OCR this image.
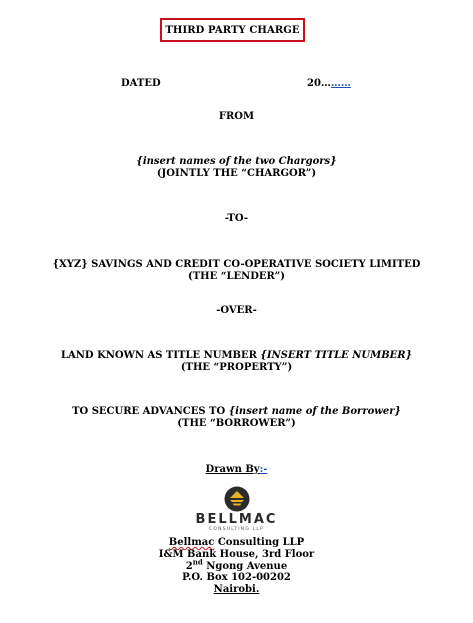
THIRD PARTY CHARGE
DATED	20………
FROM
{insert names of the two Chargors}
(JOINTLY THE “CHARGOR”)
-TO-
{XYZ} SAVINGS AND CREDIT CO-OPERATIVE SOCIETY LIMITED
(THE “LENDER”)
-OVER-
LAND KNOWN AS TITLE NUMBER {INSERT TITLE NUMBER}
(THE “PROPERTY”)
TO SECURE ADVANCES TO {insert name of the Borrower}
(THE “BORROWER”)
Drawn By:-
BELLMAC
CONSULTING LLP
Bellmac Consulting LLP
I&M Bank House, 3rd Floor
2nd Ngong Avenue
P.O. Box 102-00202
Nairobi.
